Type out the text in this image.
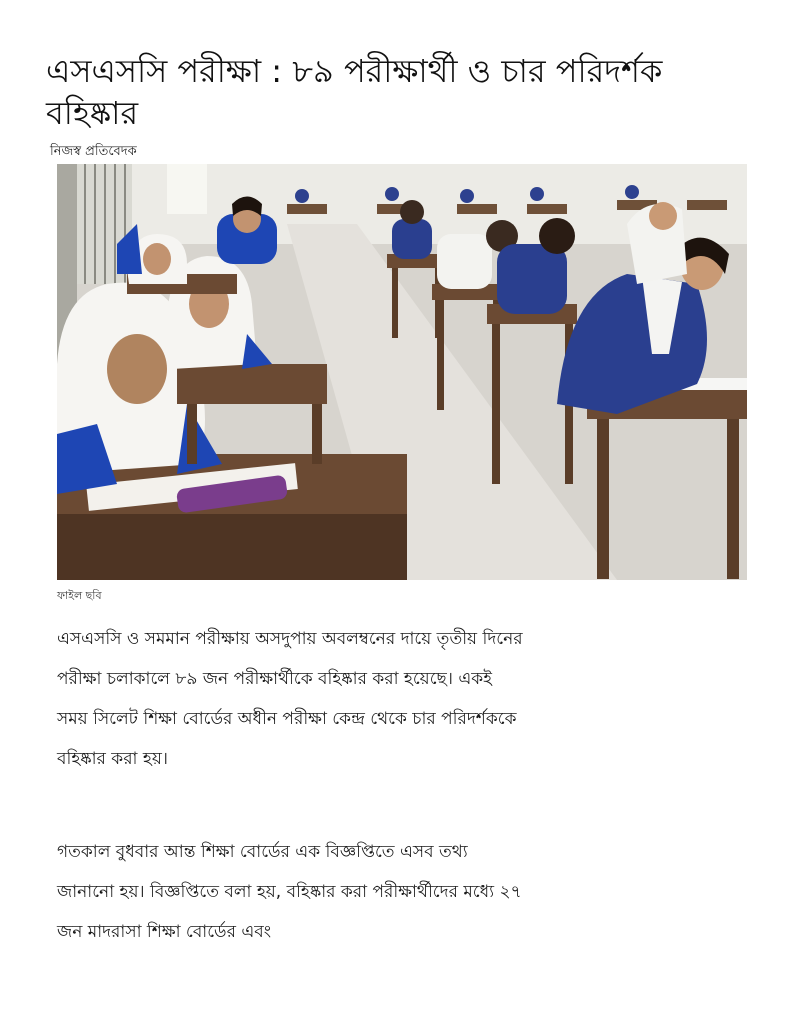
এসএসসি পরীক্ষা : ৮৯ পরীক্ষার্থী ও চার পরিদর্শক বহিষ্কার
নিজস্ব প্রতিবেদক
ফাইল ছবি

এসএসসি ও সমমান পরীক্ষায় অসদুপায় অবলম্বনের দায়ে তৃতীয় দিনের পরীক্ষা চলাকালে ৮৯ জন পরীক্ষার্থীকে বহিষ্কার করা হয়েছে। একই সময় সিলেট শিক্ষা বোর্ডের অধীন পরীক্ষা কেন্দ্র থেকে চার পরিদর্শককে বহিষ্কার করা হয়।

গতকাল বুধবার আন্ত শিক্ষা বোর্ডের এক বিজ্ঞপ্তিতে এসব তথ্য জানানো হয়। বিজ্ঞপ্তিতে বলা হয়, বহিষ্কার করা পরীক্ষার্থীদের মধ্যে ২৭ জন মাদরাসা শিক্ষা বোর্ডের এবং
